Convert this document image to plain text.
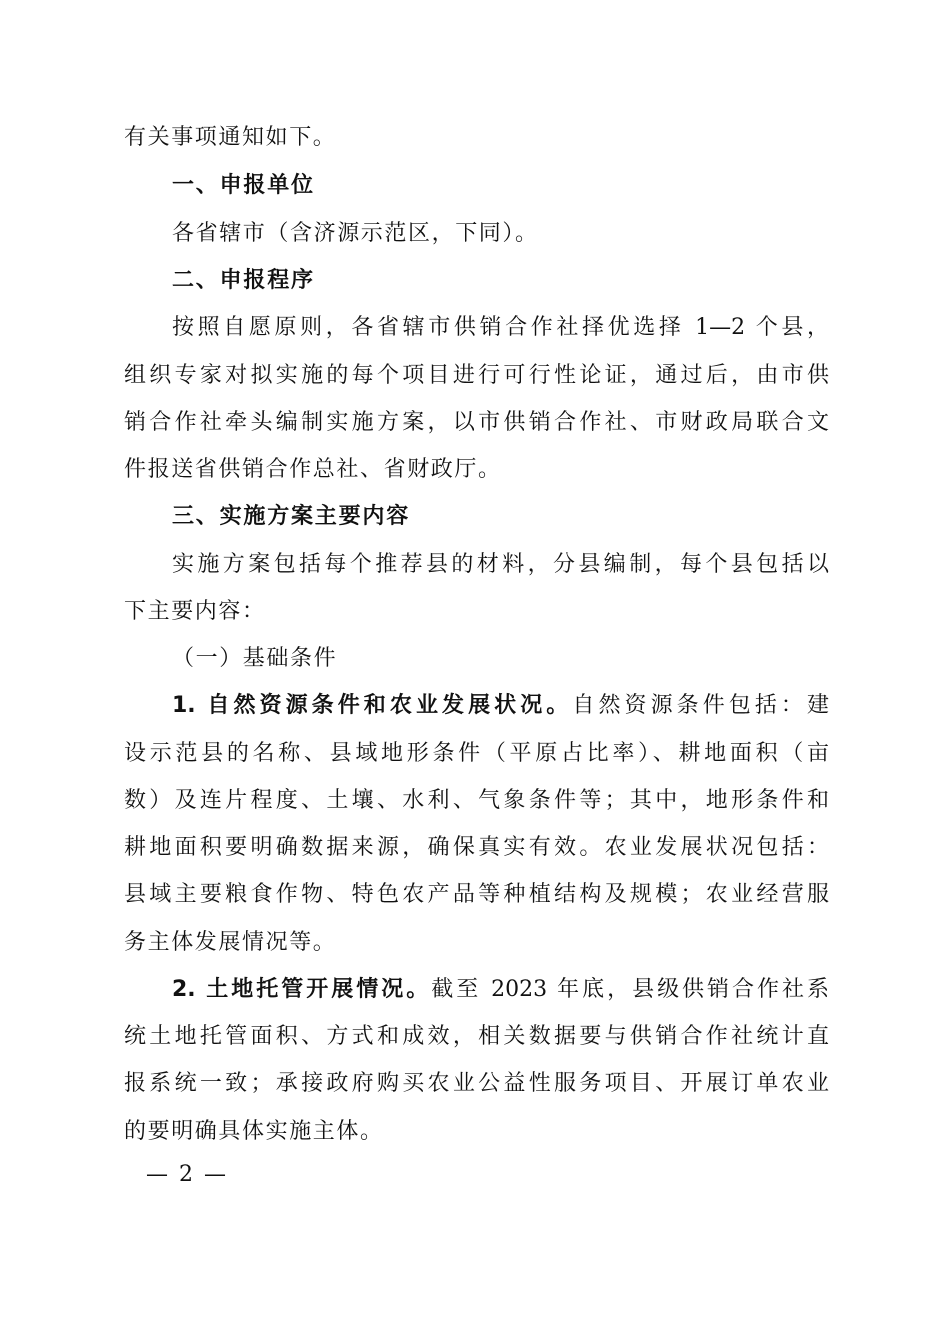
有关事项通知如下。
一、申报单位
各省辖市（含济源示范区，下同）。
二、申报程序
按照自愿原则，各省辖市供销合作社择优选择 1—2 个县，
组织专家对拟实施的每个项目进行可行性论证，通过后，由市供
销合作社牵头编制实施方案，以市供销合作社、市财政局联合文
件报送省供销合作总社、省财政厅。
三、实施方案主要内容
实施方案包括每个推荐县的材料，分县编制，每个县包括以
下主要内容：
（一）基础条件
1. 自然资源条件和农业发展状况。自然资源条件包括：建
设示范县的名称、县域地形条件（平原占比率）、耕地面积（亩
数）及连片程度、土壤、水利、气象条件等；其中，地形条件和
耕地面积要明确数据来源，确保真实有效。农业发展状况包括：
县域主要粮食作物、特色农产品等种植结构及规模；农业经营服
务主体发展情况等。
2. 土地托管开展情况。截至 2023 年底，县级供销合作社系
统土地托管面积、方式和成效，相关数据要与供销合作社统计直
报系统一致；承接政府购买农业公益性服务项目、开展订单农业
的要明确具体实施主体。
— 2 —
